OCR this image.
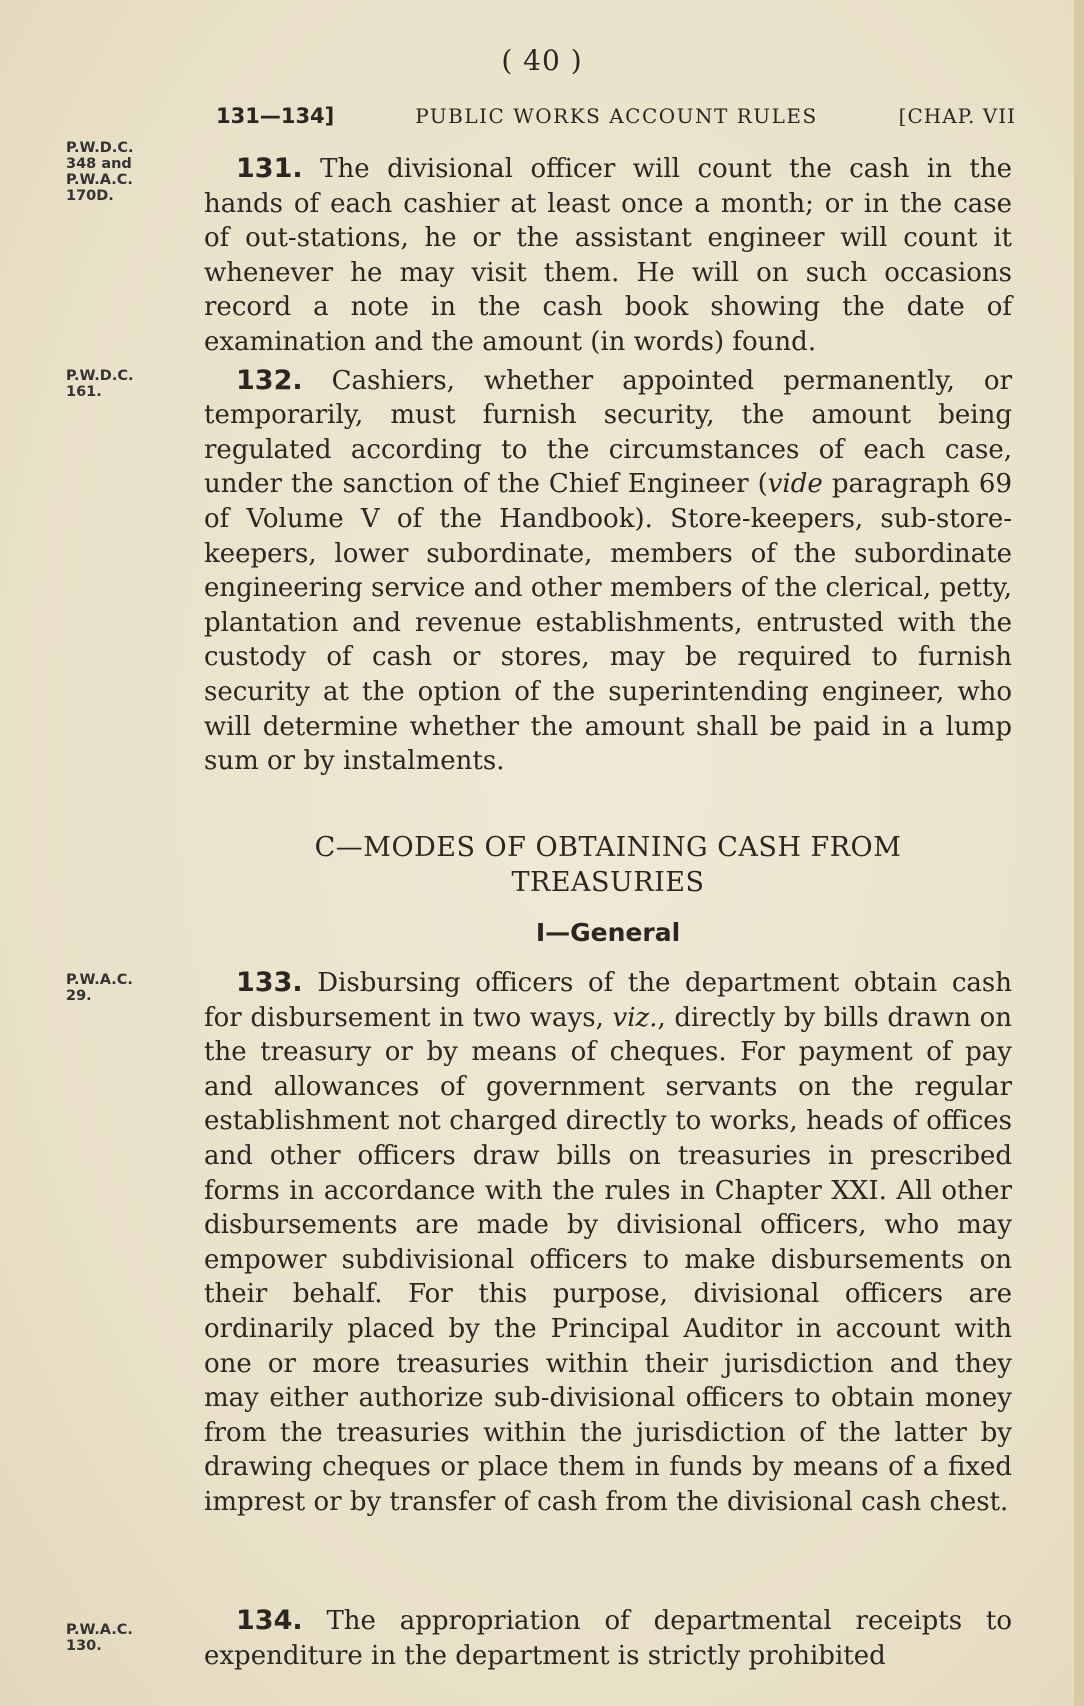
( 40 )
131—134]	PUBLIC WORKS ACCOUNT RULES	[CHAP. VII
P.W.D.C.
348 and
P.W.A.C.
170D.
P.W.D.C.
161.
P.W.A.C.
29.
P.W.A.C.
130.

131. The divisional officer will count the cash in the hands of each cashier at least once a month; or in the case of out-stations, he or the assistant engineer will count it whenever he may visit them. He will on such occasions record a note in the cash book showing the date of examination and the amount (in words) found.

132. Cashiers, whether appointed permanently, or temporarily, must furnish security, the amount being regulated according to the circumstances of each case, under the sanction of the Chief Engineer (vide paragraph 69 of Volume V of the Handbook). Store-keepers, sub-store-keepers, lower subordinate, members of the subordinate engineering service and other members of the clerical, petty, plantation and revenue establishments, entrusted with the custody of cash or stores, may be required to furnish security at the option of the superintending engineer, who will determine whether the amount shall be paid in a lump sum or by instalments.

C—MODES OF OBTAINING CASH FROM
TREASURIES
I—General

133. Disbursing officers of the department obtain cash for disbursement in two ways, viz., directly by bills drawn on the treasury or by means of cheques. For payment of pay and allowances of government servants on the regular establishment not charged directly to works, heads of offices and other officers draw bills on treasuries in prescribed forms in accordance with the rules in Chapter XXI. All other disbursements are made by divisional officers, who may empower subdivisional officers to make disbursements on their behalf. For this purpose, divisional officers are ordinarily placed by the Principal Auditor in account with one or more treasuries within their jurisdiction and they may either authorize sub-divisional officers to obtain money from the treasuries within the jurisdiction of the latter by drawing cheques or place them in funds by means of a fixed imprest or by transfer of cash from the divisional cash chest.

134. The appropriation of departmental receipts to expenditure in the department is strictly prohibited
